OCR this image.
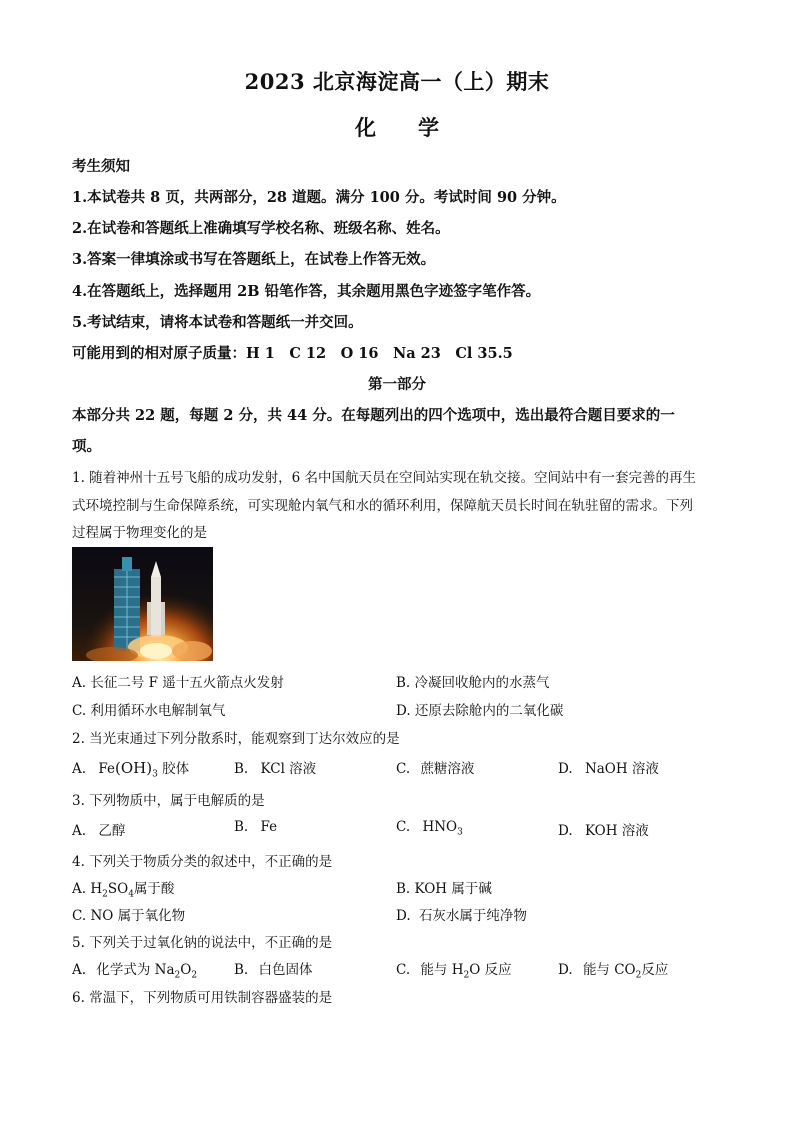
2023 北京海淀高一（上）期末
化　　学
考生须知
1.本试卷共 8 页，共两部分，28 道题。满分 100 分。考试时间 90 分钟。
2.在试卷和答题纸上准确填写学校名称、班级名称、姓名。
3.答案一律填涂或书写在答题纸上，在试卷上作答无效。
4.在答题纸上，选择题用 2B 铅笔作答，其余题用黑色字迹签字笔作答。
5.考试结束，请将本试卷和答题纸一并交回。
可能用到的相对原子质量：H 1　C 12　O 16　Na 23　Cl 35.5
第一部分
本部分共 22 题，每题 2 分，共 44 分。在每题列出的四个选项中，选出最符合题目要求的一
项。
1. 随着神州十五号飞船的成功发射，6 名中国航天员在空间站实现在轨交接。空间站中有一套完善的再生
式环境控制与生命保障系统，可实现舱内氧气和水的循环利用，保障航天员长时间在轨驻留的需求。下列
过程属于物理变化的是
A. 长征二号 F 遥十五火箭点火发射	B. 冷凝回收舱内的水蒸气
C. 利用循环水电解制氧气	D. 还原去除舱内的二氧化碳
2. 当光束通过下列分散系时，能观察到丁达尔效应的是
A. $Fe(OH)_3$ 胶体	B. KCl 溶液	C. 蔗糖溶液	D. NaOH 溶液
3. 下列物质中，属于电解质的是
A. 乙醇	B. Fe	C. $HNO_3$	D. KOH 溶液
4. 下列关于物质分类的叙述中，不正确的是
A. $H_2SO_4$属于酸	B. KOH 属于碱
C. NO 属于氧化物	D. 石灰水属于纯净物
5. 下列关于过氧化钠的说法中，不正确的是
A. 化学式为 $Na_2O_2$	B. 白色固体	C. 能与 $H_2O$ 反应	D. 能与 $CO_2$反应
6. 常温下，下列物质可用铁制容器盛装的是
